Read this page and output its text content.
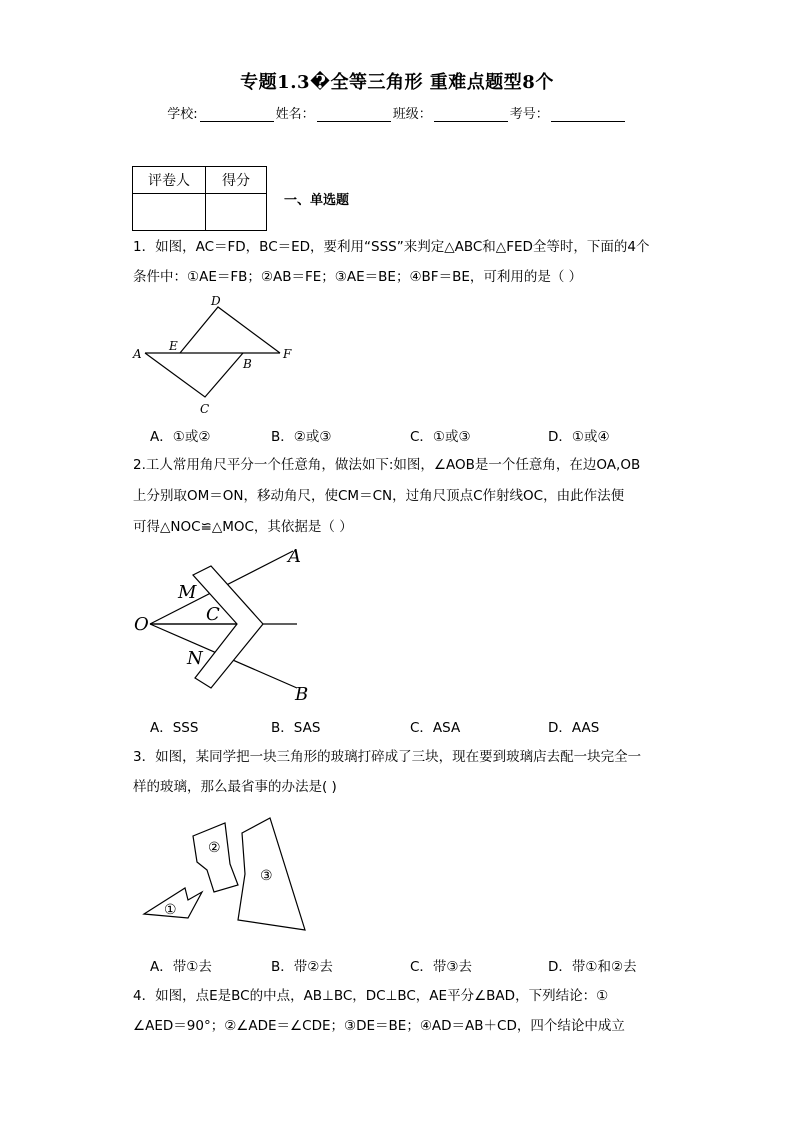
专题1.3�全等三角形 重难点题型8个
学校:	姓名：	班级：	考号：
评卷人	得分

一、单选题
1．如图，AC＝FD，BC＝ED，要利用“SSS”来判定△ABC和△FED全等时，下面的4个
条件中：①AE＝FB；②AB＝FE；③AE＝BE；④BF＝BE，可利用的是（ ）
A
D
E
F
B
C
A．①或②	B．②或③	C．①或③	D．①或④
2.工人常用角尺平分一个任意角，做法如下:如图，∠AOB是一个任意角，在边OA,OB
上分别取OM＝ON，移动角尺，使CM＝CN，过角尺顶点C作射线OC，由此作法便
可得△NOC≌△MOC，其依据是（ ）
O
A
B
M
C
N
A．SSS	B．SAS	C．ASA	D．AAS
3．如图，某同学把一块三角形的玻璃打碎成了三块，现在要到玻璃店去配一块完全一
样的玻璃，那么最省事的办法是( )
①
②
③
A．带①去	B．带②去	C．带③去	D．带①和②去
4．如图，点E是BC的中点，AB⊥BC，DC⊥BC，AE平分∠BAD，下列结论：①
∠AED＝90°；②∠ADE＝∠CDE；③DE＝BE；④AD＝AB＋CD，四个结论中成立
